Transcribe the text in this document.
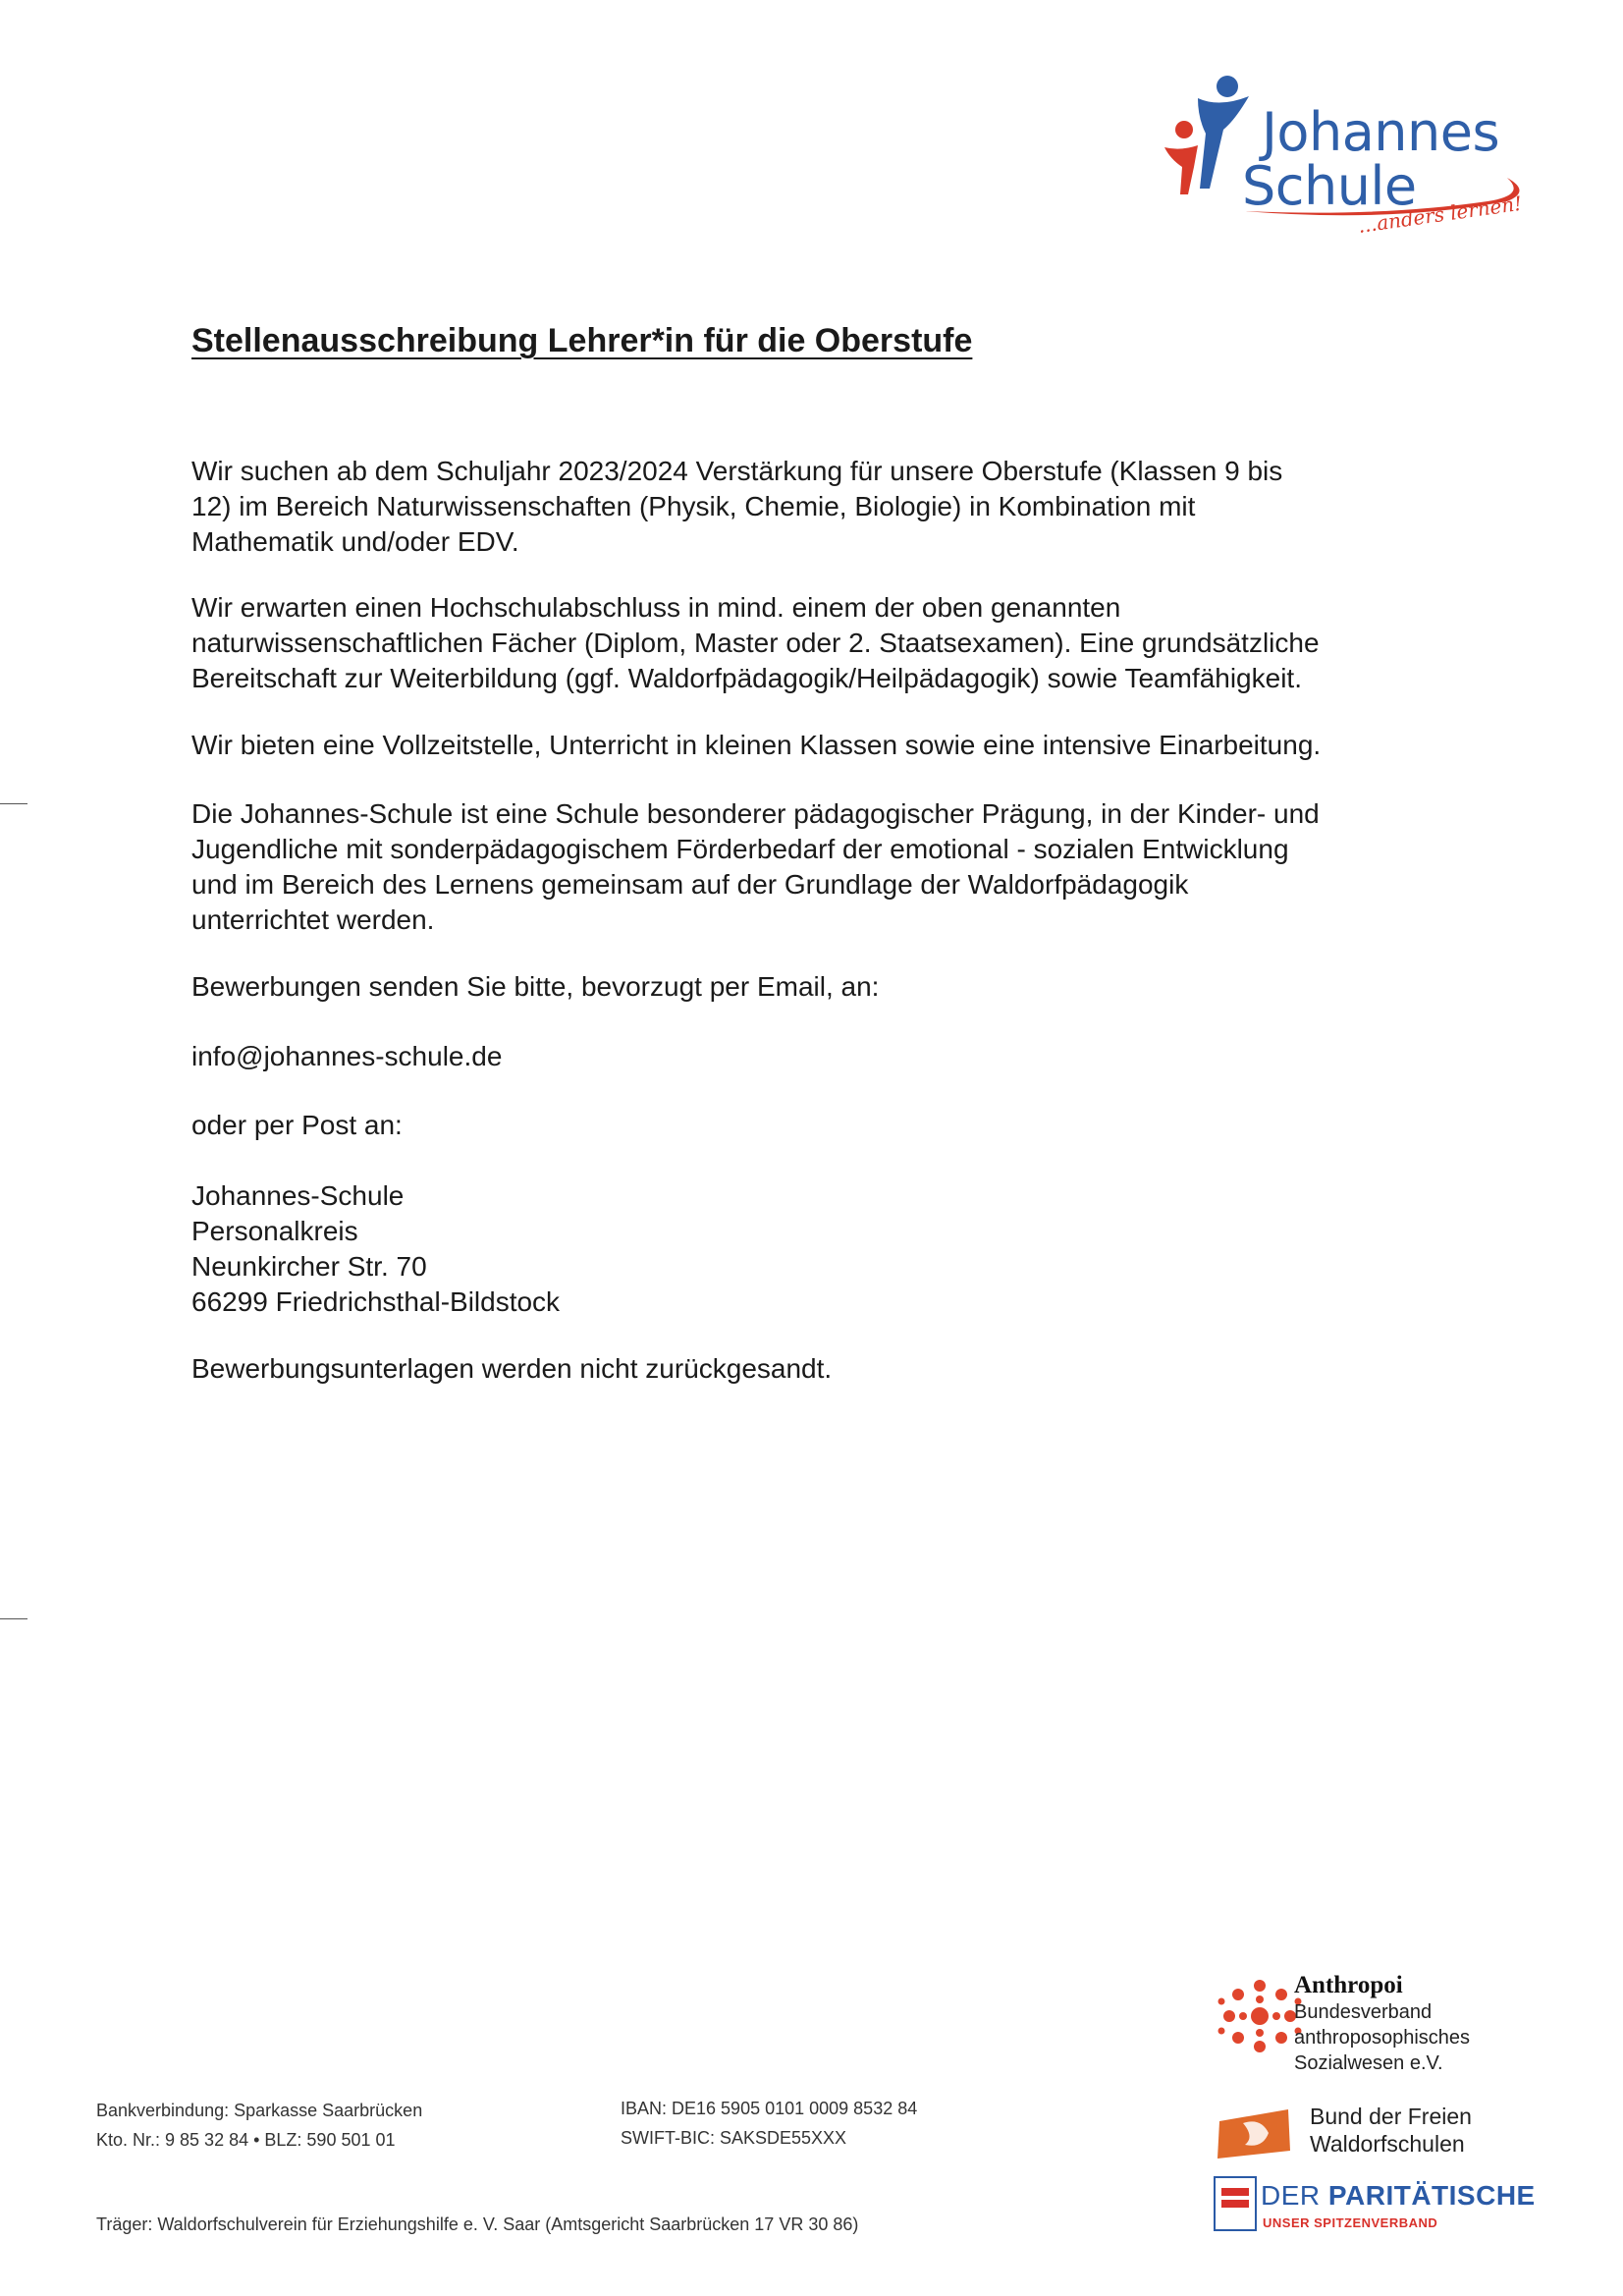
Johannes
Schule
...anders lernen!
Stellenausschreibung Lehrer*in für die Oberstufe

Wir suchen ab dem Schuljahr 2023/2024 Verstärkung für unsere Oberstufe (Klassen 9 bis
12) im Bereich Naturwissenschaften (Physik, Chemie, Biologie) in Kombination mit
Mathematik und/oder EDV.

Wir erwarten einen Hochschulabschluss in mind. einem der oben genannten
naturwissenschaftlichen Fächer (Diplom, Master oder 2. Staatsexamen). Eine grundsätzliche
Bereitschaft zur Weiterbildung (ggf. Waldorfpädagogik/Heilpädagogik) sowie Teamfähigkeit.

Wir bieten eine Vollzeitstelle, Unterricht in kleinen Klassen sowie eine intensive Einarbeitung.

Die Johannes-Schule ist eine Schule besonderer pädagogischer Prägung, in der Kinder- und
Jugendliche mit sonderpädagogischem Förderbedarf der emotional - sozialen Entwicklung
und im Bereich des Lernens gemeinsam auf der Grundlage der Waldorfpädagogik
unterrichtet werden.

Bewerbungen senden Sie bitte, bevorzugt per Email, an:

info@johannes-schule.de

oder per Post an:

Johannes-Schule
Personalkreis
Neunkircher Str. 70
66299 Friedrichsthal-Bildstock

Bewerbungsunterlagen werden nicht zurückgesandt.

Bankverbindung: Sparkasse Saarbrücken
Kto. Nr.: 9 85 32 84 • BLZ: 590 501 01
IBAN: DE16 5905 0101 0009 8532 84
SWIFT-BIC: SAKSDE55XXX
Träger: Waldorfschulverein für Erziehungshilfe e. V. Saar (Amtsgericht Saarbrücken 17 VR 30 86)
Anthropoi
Bundesverband
anthroposophisches
Sozialwesen e.V.
Bund der Freien
Waldorfschulen
DER PARITÄTISCHE
UNSER SPITZENVERBAND
